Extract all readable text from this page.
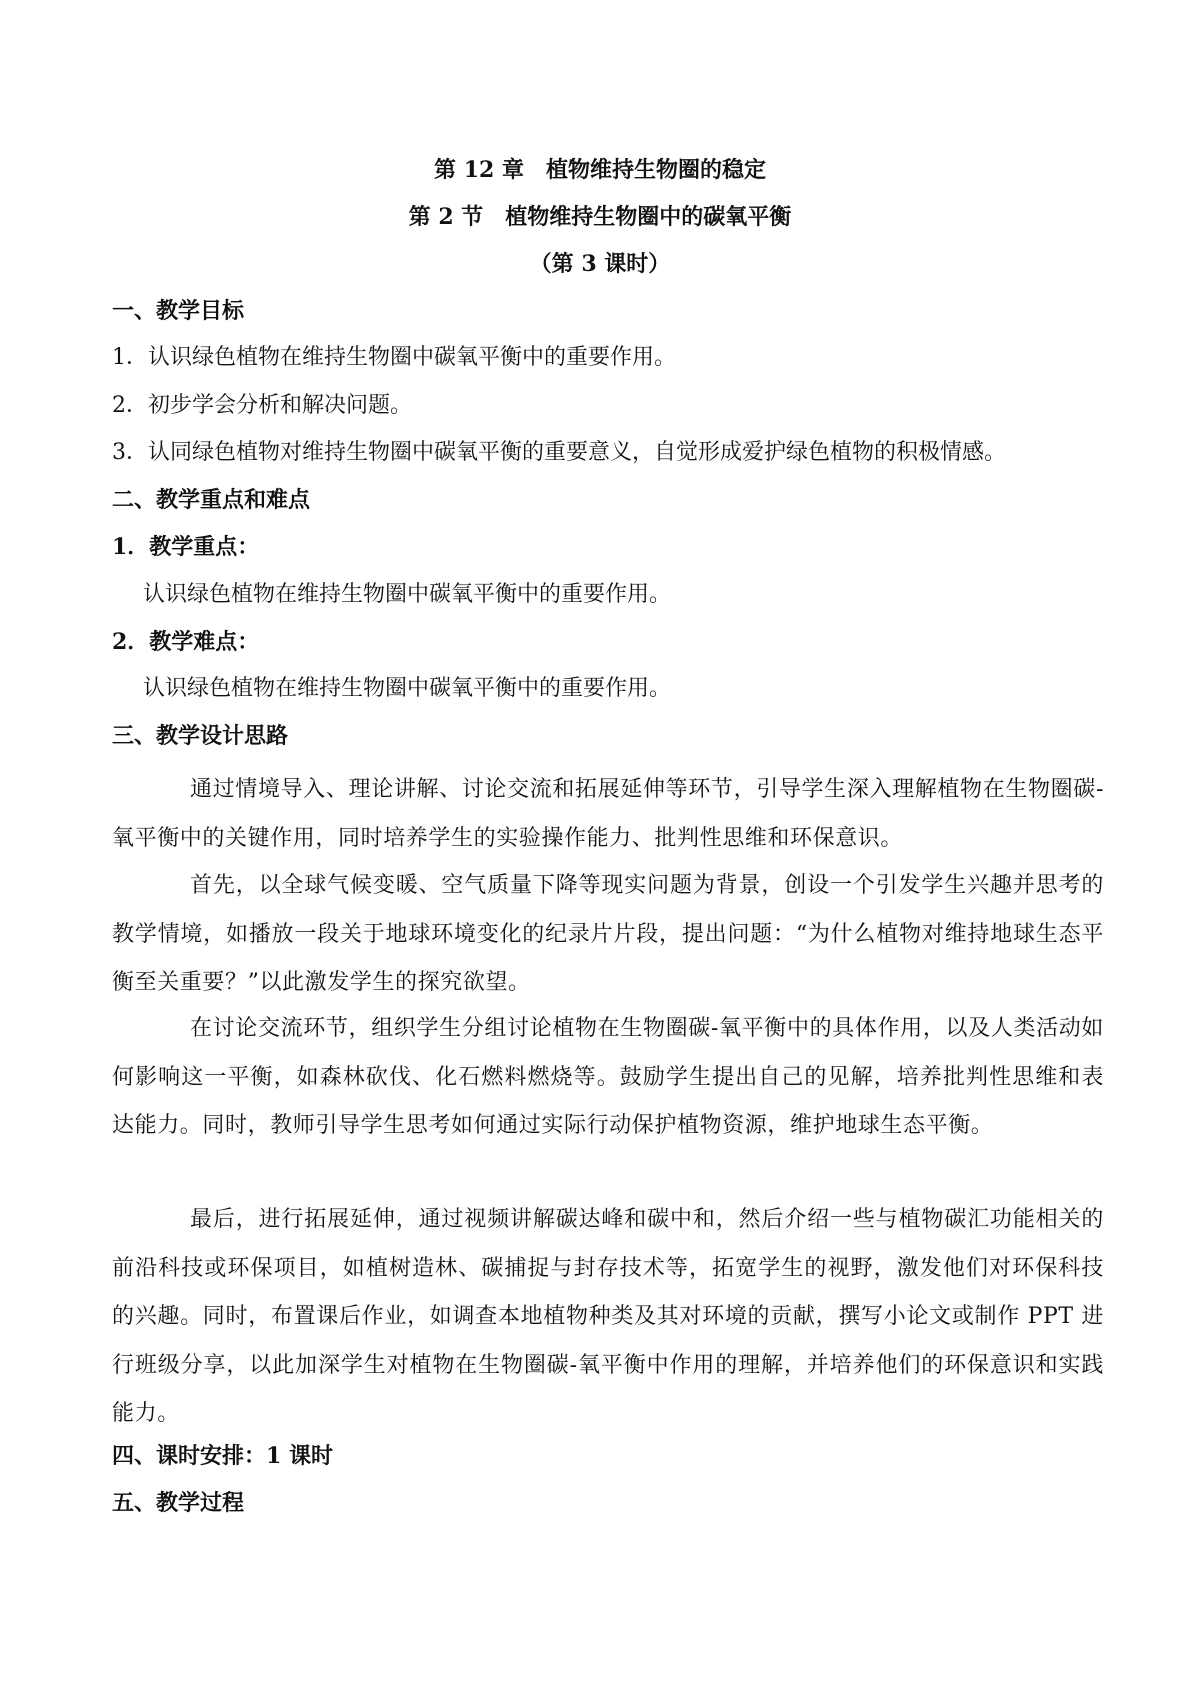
第 12 章　植物维持生物圈的稳定
第 2 节　植物维持生物圈中的碳氧平衡
（第 3 课时）
一、教学目标
1．认识绿色植物在维持生物圈中碳氧平衡中的重要作用。
2．初步学会分析和解决问题。
3．认同绿色植物对维持生物圈中碳氧平衡的重要意义，自觉形成爱护绿色植物的积极情感。
二、教学重点和难点
1．教学重点：
认识绿色植物在维持生物圈中碳氧平衡中的重要作用。
2．教学难点：
认识绿色植物在维持生物圈中碳氧平衡中的重要作用。
三、教学设计思路
通过情境导入、理论讲解、讨论交流和拓展延伸等环节，引导学生深入理解植物在生物圈碳-氧平衡中的关键作用，同时培养学生的实验操作能力、批判性思维和环保意识。
首先，以全球气候变暖、空气质量下降等现实问题为背景，创设一个引发学生兴趣并思考的教学情境，如播放一段关于地球环境变化的纪录片片段，提出问题：“为什么植物对维持地球生态平衡至关重要？”以此激发学生的探究欲望。
在讨论交流环节，组织学生分组讨论植物在生物圈碳-氧平衡中的具体作用，以及人类活动如何影响这一平衡，如森林砍伐、化石燃料燃烧等。鼓励学生提出自己的见解，培养批判性思维和表达能力。同时，教师引导学生思考如何通过实际行动保护植物资源，维护地球生态平衡。
最后，进行拓展延伸，通过视频讲解碳达峰和碳中和，然后介绍一些与植物碳汇功能相关的前沿科技或环保项目，如植树造林、碳捕捉与封存技术等，拓宽学生的视野，激发他们对环保科技的兴趣。同时，布置课后作业，如调查本地植物种类及其对环境的贡献，撰写小论文或制作 PPT 进行班级分享，以此加深学生对植物在生物圈碳-氧平衡中作用的理解，并培养他们的环保意识和实践能力。
四、课时安排：1 课时
五、教学过程
